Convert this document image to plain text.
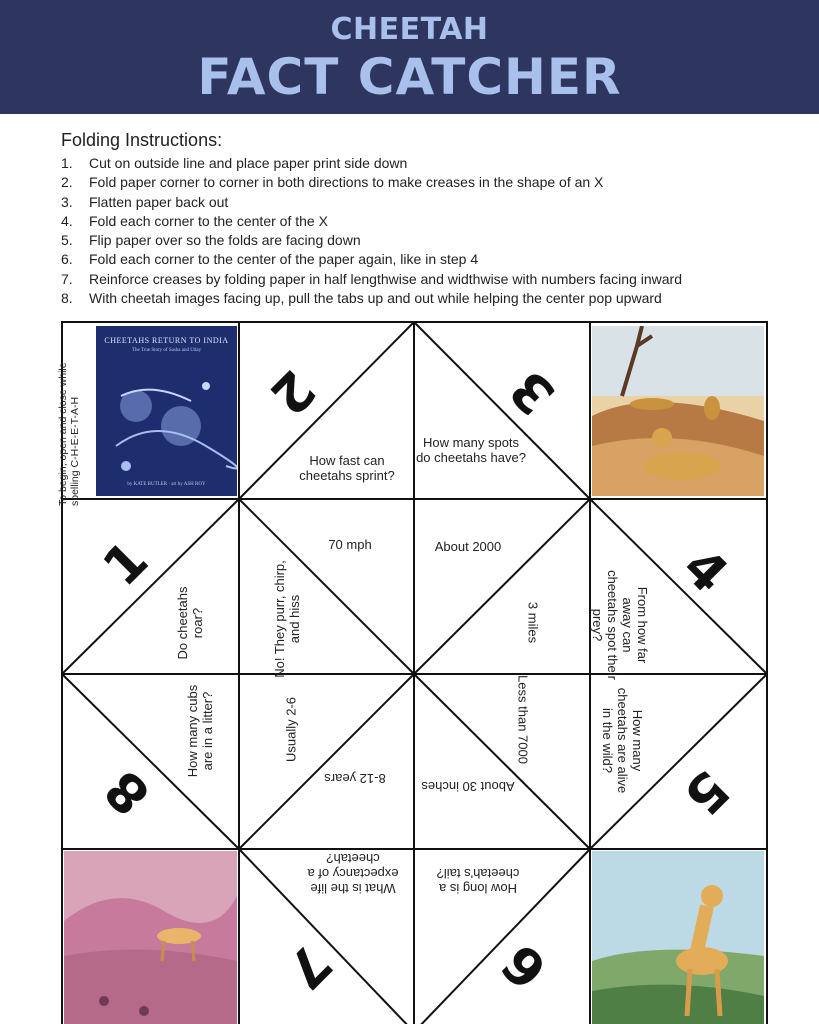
CHEETAH
FACT CATCHER
Folding Instructions:
1. Cut on outside line and place paper print side down
2. Fold paper corner to corner in both directions to make creases in the shape of an X
3. Flatten paper back out
4. Fold each corner to the center of the X
5. Flip paper over so the folds are facing down
6. Fold each corner to the center of the paper again, like in step 4
7. Reinforce creases by folding paper in half lengthwise and widthwise with numbers facing inward
8. With cheetah images facing up, pull the tabs up and out while helping the center pop upward
To begin, open and close while spelling C-H-E-E-T-A-H
CHEETAHS RETURN TO INDIA
The True Story of Sasha and Uday
by KATE BUTLER · art by ASH ROY
2	3
1	4
8	5
7	6
How fast can cheetahs sprint?
How many spots do cheetahs have?
From how far away can cheetahs spot their prey?
How many cheetahs are alive in the wild?
How long is a cheetah's tail?
What is the life expectancy of a cheetah?
How many cubs are in a litter?
Do cheetahs roar?
70 mph	About 2000
3 miles
Less than 7000
About 30 inches
8-12 years
Usually 2-6
No! They purr, chirp, and hiss
